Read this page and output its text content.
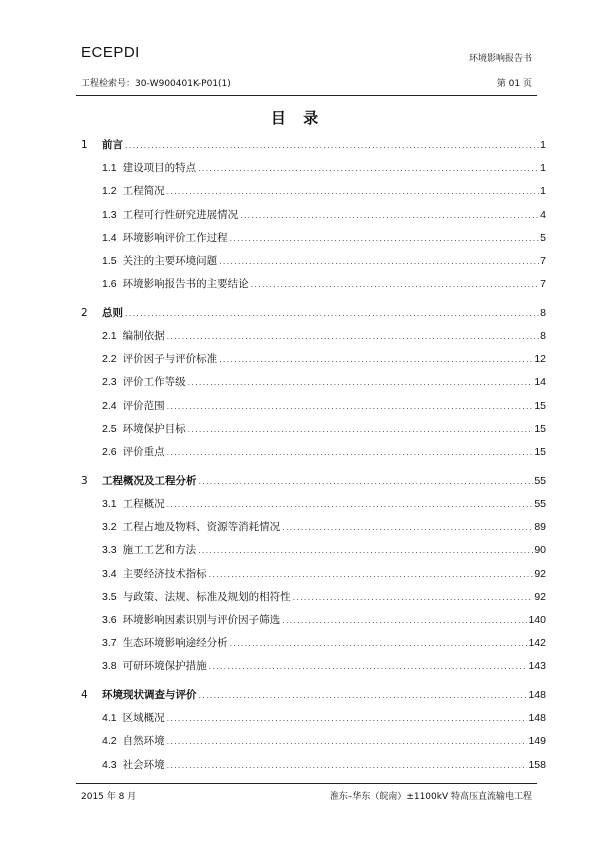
ECEPDI	环境影响报告书
工程检索号：30-W900401K-P01(1)	第 01 页
目 录
1 前言 .....	1
1.1 建设项目的特点 .....	1
1.2 工程简况 .....	1
1.3 工程可行性研究进展情况 .....	4
1.4 环境影响评价工作过程 .....	5
1.5 关注的主要环境问题 .....	7
1.6 环境影响报告书的主要结论 .....	7
2 总则 .....	8
2.1 编制依据 .....	8
2.2 评价因子与评价标准 .....	12
2.3 评价工作等级 .....	14
2.4 评价范围 .....	15
2.5 环境保护目标 .....	15
2.6 评价重点 .....	15
3 工程概况及工程分析 .....	55
3.1 工程概况 .....	55
3.2 工程占地及物料、资源等消耗情况 .....	89
3.3 施工工艺和方法 .....	90
3.4 主要经济技术指标 .....	92
3.5 与政策、法规、标准及规划的相符性 .....	92
3.6 环境影响因素识别与评价因子筛选 .....	140
3.7 生态环境影响途经分析 .....	142
3.8 可研环境保护措施 .....	143
4 环境现状调查与评价 .....	148
4.1 区域概况 .....	148
4.2 自然环境 .....	149
4.3 社会环境 .....	158
2015 年 8 月	淮东–华东（皖南）±1100kV 特高压直流输电工程
